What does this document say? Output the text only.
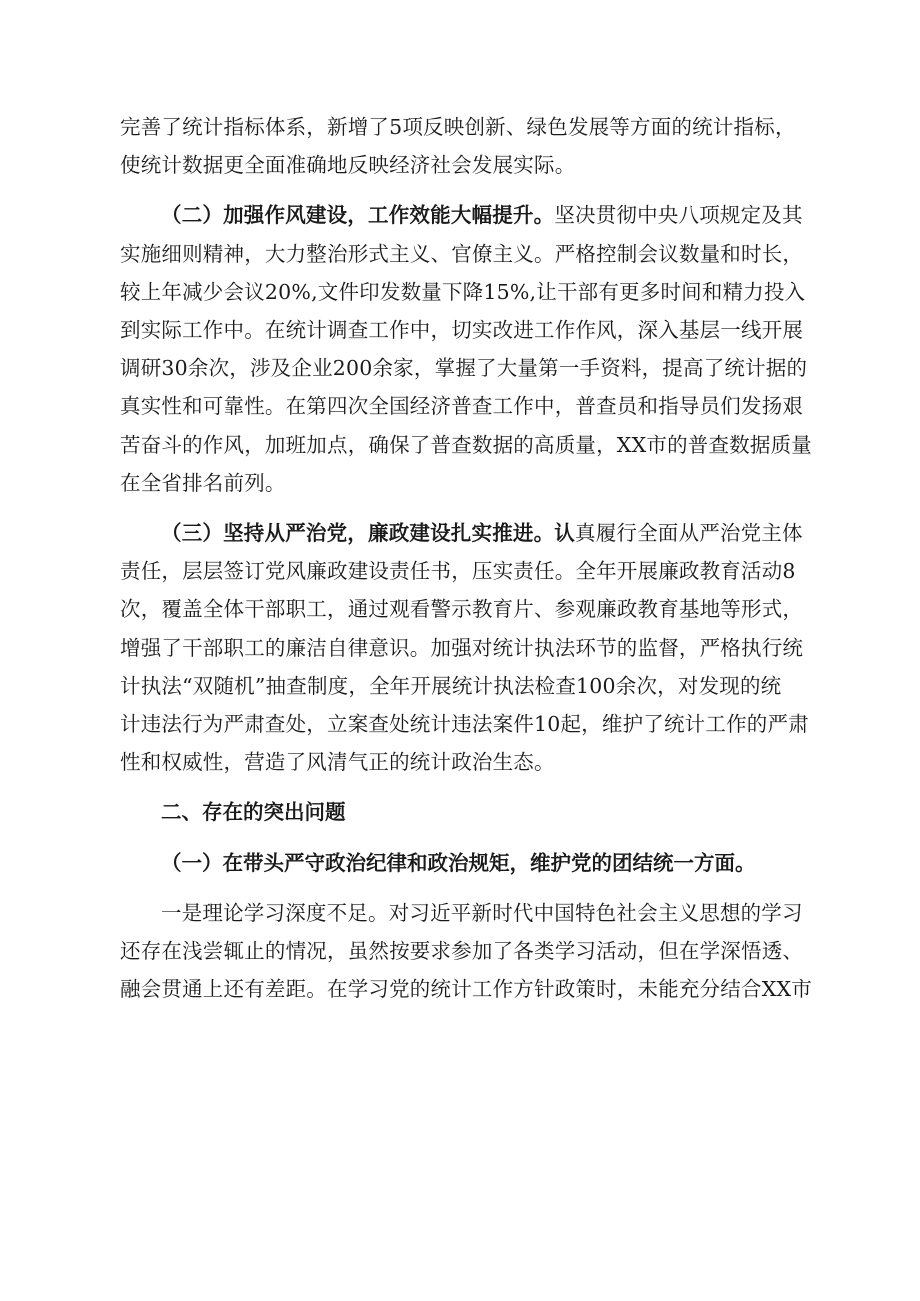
完善了统计指标体系，新增了5项反映创新、绿色发展等方面的统计指标，
使统计数据更全面准确地反映经济社会发展实际。

（二）加强作风建设，工作效能大幅提升。坚决贯彻中央八项规定及其
实施细则精神，大力整治形式主义、官僚主义。严格控制会议数量和时长，
较上年减少会议20%,文件印发数量下降15%,让干部有更多时间和精力投入
到实际工作中。在统计调查工作中，切实改进工作作风，深入基层一线开展
调研30余次，涉及企业200余家，掌握了大量第一手资料，提高了统计据的
真实性和可靠性。在第四次全国经济普查工作中，普查员和指导员们发扬艰
苦奋斗的作风，加班加点，确保了普查数据的高质量，XX市的普查数据质量
在全省排名前列。

（三）坚持从严治党，廉政建设扎实推进。认真履行全面从严治党主体
责任，层层签订党风廉政建设责任书，压实责任。全年开展廉政教育活动8
次，覆盖全体干部职工，通过观看警示教育片、参观廉政教育基地等形式，
增强了干部职工的廉洁自律意识。加强对统计执法环节的监督，严格执行统
计执法“双随机”抽查制度，全年开展统计执法检查100余次，对发现的统
计违法行为严肃查处，立案查处统计违法案件10起，维护了统计工作的严肃
性和权威性，营造了风清气正的统计政治生态。

二、存在的突出问题

（一）在带头严守政治纪律和政治规矩，维护党的团结统一方面。

一是理论学习深度不足。对习近平新时代中国特色社会主义思想的学习
还存在浅尝辄止的情况，虽然按要求参加了各类学习活动，但在学深悟透、
融会贯通上还有差距。在学习党的统计工作方针政策时，未能充分结合XX市
